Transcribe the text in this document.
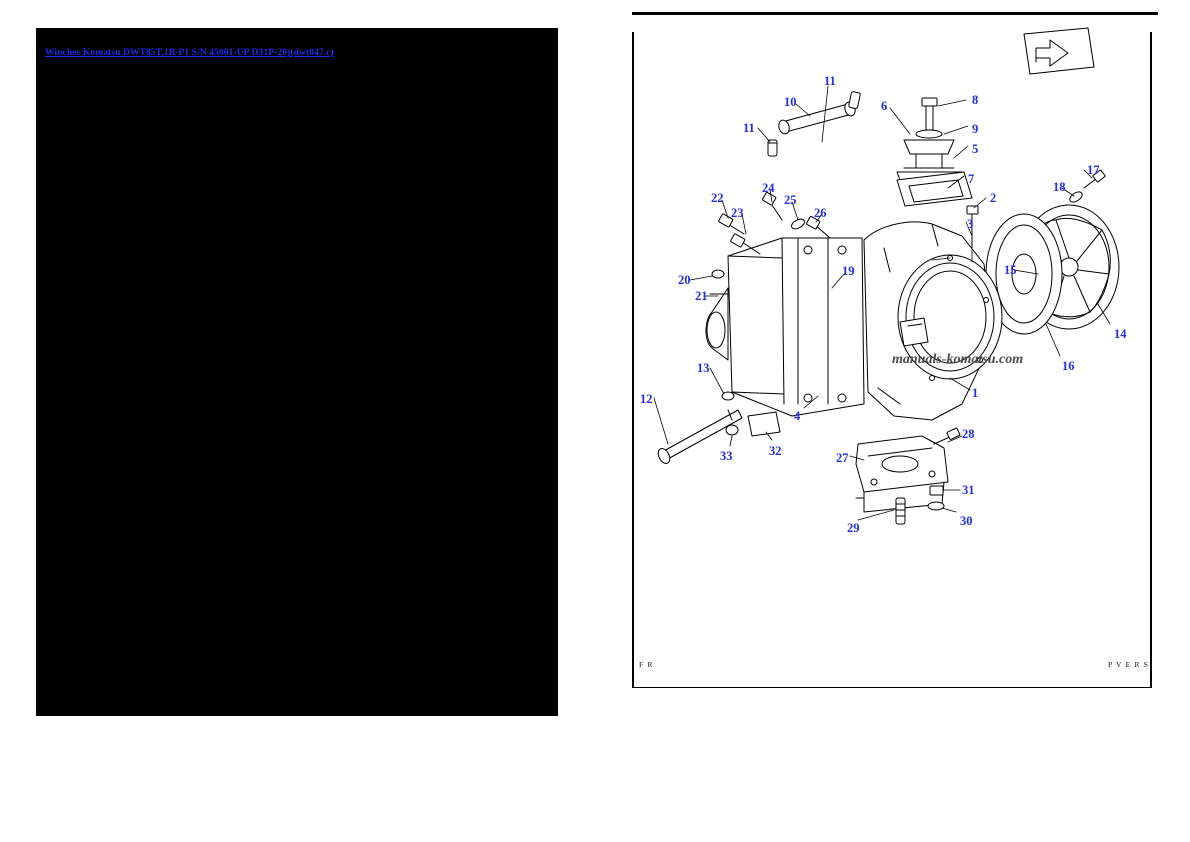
Winches Komatsu DWT85T,1B-P1 S/N 45001-UP D31P-20)(dwt047.c)
manuals-komatsu.com
F R	P V E R S
11
10
11
6	8
9
5
7
2
3
17
18
22
24
25
26
23
19
20
21
15
14
16
1
13
12
4
33	32
28
27
31
29	30
